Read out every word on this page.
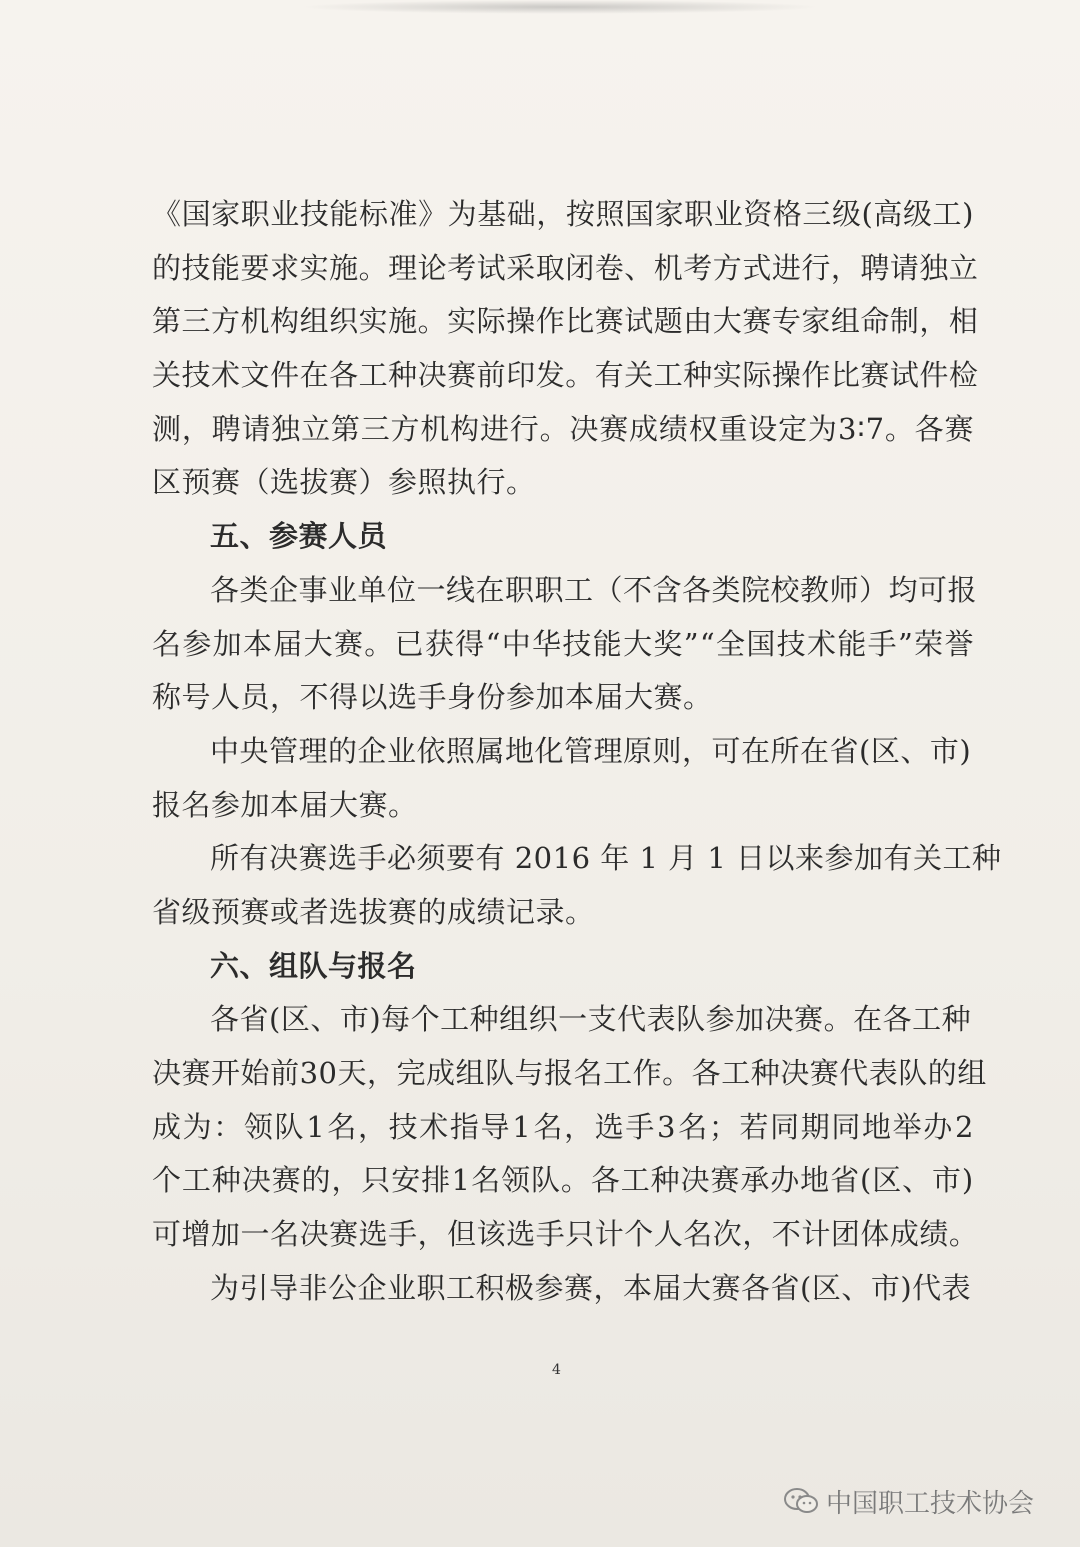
《 国 家 职 业 技 能 标 准 》 为 基 础 ， 按 照 国 家 职 业 资 格 三 级 ( 高 级 工 )
的 技 能 要 求 实 施 。 理 论 考 试 采 取 闭 卷 、 机 考 方 式 进 行 ， 聘 请 独 立
第 三 方 机 构 组 织 实 施 。 实 际 操 作 比 赛 试 题 由 大 赛 专 家 组 命 制 ， 相
关 技 术 文 件 在 各 工 种 决 赛 前 印 发 。 有 关 工 种 实 际 操 作 比 赛 试 件 检
测 ， 聘 请 独 立 第 三 方 机 构 进 行 。 决 赛 成 绩 权 重 设 定 为 3 ∶ 7 。 各 赛
区预赛（选拔赛）参照执行。
五、参赛人员
各类企事业单位一线在职职工（不含各类院校教师）均可报
名 参 加 本 届 大 赛 。 已 获 得 “ 中 华 技 能 大 奖 ” “ 全 国 技 术 能 手 ” 荣 誉
称号人员，不得以选手身份参加本届大赛。
中央管理的企业依照属地化管理原则，可在所在省(区、市)
报名参加本届大赛。
所有决赛选手必须要有 2016 年 1 月 1 日以来参加有关工种
省级预赛或者选拔赛的成绩记录。
六、组队与报名
各省(区、市)每个工种组织一支代表队参加决赛。在各工种
决 赛 开 始 前 3 0 天 ， 完 成 组 队 与 报 名 工 作 。 各 工 种 决 赛 代 表 队 的 组
成 为 ： 领 队 1 名 ， 技 术 指 导 1 名 ， 选 手 3 名 ； 若 同 期 同 地 举 办 2
个 工 种 决 赛 的 ， 只 安 排 1 名 领 队 。 各 工 种 决 赛 承 办 地 省 ( 区 、 市 )
可 增 加 一 名 决 赛 选 手 ， 但 该 选 手 只 计 个 人 名 次 ， 不 计 团 体 成 绩 。
为引导非公企业职工积极参赛，本届大赛各省(区、市)代表
4
中国职工技术协会
